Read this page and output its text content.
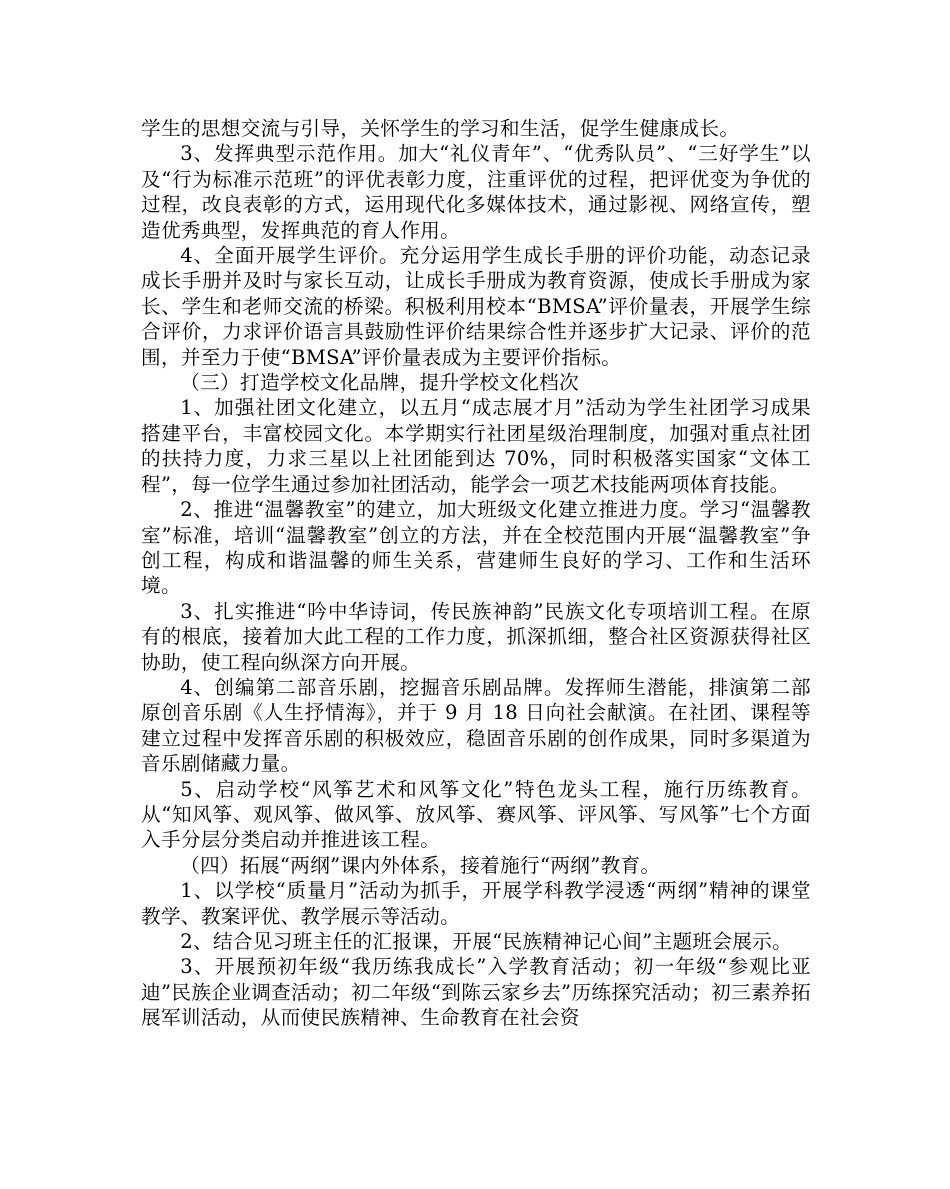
学生的思想交流与引导，关怀学生的学习和生活，促学生健康成长。

3、发挥典型示范作用。加大“礼仪青年”、“优秀队员”、“三好学生”以及“行为标准示范班”的评优表彰力度，注重评优的过程，把评优变为争优的过程，改良表彰的方式，运用现代化多媒体技术，通过影视、网络宣传，塑造优秀典型，发挥典范的育人作用。

4、全面开展学生评价。充分运用学生成长手册的评价功能，动态记录成长手册并及时与家长互动，让成长手册成为教育资源，使成长手册成为家长、学生和老师交流的桥梁。积极利用校本“BMSA”评价量表，开展学生综合评价，力求评价语言具鼓励性评价结果综合性并逐步扩大记录、评价的范围，并至力于使“BMSA”评价量表成为主要评价指标。

（三）打造学校文化品牌，提升学校文化档次

1、加强社团文化建立，以五月“成志展才月”活动为学生社团学习成果搭建平台，丰富校园文化。本学期实行社团星级治理制度，加强对重点社团的扶持力度，力求三星以上社团能到达 70%，同时积极落实国家“文体工程”，每一位学生通过参加社团活动，能学会一项艺术技能两项体育技能。

2、推进“温馨教室”的建立，加大班级文化建立推进力度。学习“温馨教室”标准，培训“温馨教室”创立的方法，并在全校范围内开展“温馨教室”争创工程，构成和谐温馨的师生关系，营建师生良好的学习、工作和生活环境。

3、扎实推进“吟中华诗词，传民族神韵”民族文化专项培训工程。在原有的根底，接着加大此工程的工作力度，抓深抓细，整合社区资源获得社区协助，使工程向纵深方向开展。

4、创编第二部音乐剧，挖掘音乐剧品牌。发挥师生潜能，排演第二部原创音乐剧《人生抒情海》，并于 9 月 18 日向社会献演。在社团、课程等建立过程中发挥音乐剧的积极效应，稳固音乐剧的创作成果，同时多渠道为音乐剧储藏力量。

5、启动学校“风筝艺术和风筝文化”特色龙头工程，施行历练教育。从“知风筝、观风筝、做风筝、放风筝、赛风筝、评风筝、写风筝”七个方面入手分层分类启动并推进该工程。

（四）拓展“两纲”课内外体系，接着施行“两纲”教育。

1、以学校“质量月”活动为抓手，开展学科教学浸透“两纲”精神的课堂教学、教案评优、教学展示等活动。

2、结合见习班主任的汇报课，开展“民族精神记心间”主题班会展示。

3、开展预初年级“我历练我成长”入学教育活动；初一年级“参观比亚迪”民族企业调查活动；初二年级“到陈云家乡去”历练探究活动；初三素养拓展军训活动，从而使民族精神、生命教育在社会资
